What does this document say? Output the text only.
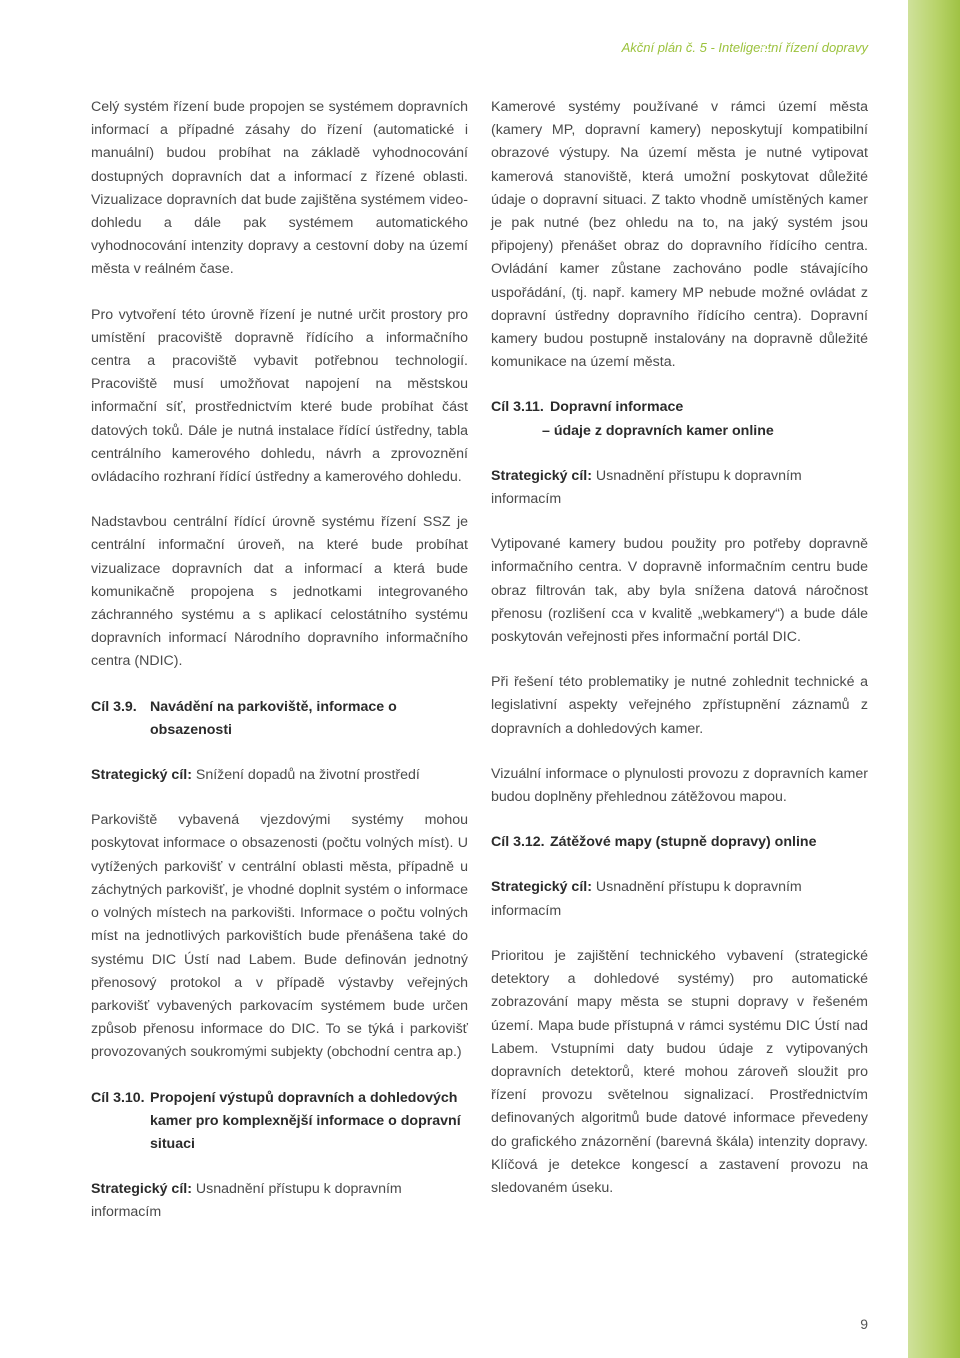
Akční plán č. 5 - Inteligentní řízení dopravy
3 Využití technologií pro řízení a organizaci dopravy

Celý systém řízení bude propojen se systémem dopravních informací a případné zásahy do řízení (automatické i manuální) budou probíhat na základě vyhodnocování dostupných dopravních dat a informací z řízené oblasti. Vizualizace dopravních dat bude zajištěna systémem video-dohledu a dále pak systémem automatického vyhodnocování intenzity dopravy a cestovní doby na území města v reálném čase.

Pro vytvoření této úrovně řízení je nutné určit prostory pro umístění pracoviště dopravně řídícího a informačního centra a pracoviště vybavit potřebnou technologií. Pracoviště musí umožňovat napojení na městskou informační síť, prostřednictvím které bude probíhat část datových toků. Dále je nutná instalace řídící ústředny, tabla centrálního kamerového dohledu, návrh a zprovoznění ovládacího rozhraní řídící ústředny a kamerového dohledu.

Nadstavbou centrální řídící úrovně systému řízení SSZ je centrální informační úroveň, na které bude probíhat vizualizace dopravních dat a informací a která bude komunikačně propojena s jednotkami integrovaného záchranného systému a s aplikací celostátního systému dopravních informací Národního dopravního informačního centra (NDIC).

Cíl 3.9. Navádění na parkoviště, informace o obsazenosti
Strategický cíl: Snížení dopadů na životní prostředí

Parkoviště vybavená vjezdovými systémy mohou poskytovat informace o obsazenosti (počtu volných míst). U vytížených parkovišť v centrální oblasti města, případně u záchytných parkovišť, je vhodné doplnit systém o informace o volných místech na parkovišti. Informace o počtu volných míst na jednotlivých parkovištích bude přenášena také do systému DIC Ústí nad Labem. Bude definován jednotný přenosový protokol a v případě výstavby veřejných parkovišť vybavených parkovacím systémem bude určen způsob přenosu informace do DIC. To se týká i parkovišť provozovaných soukromými subjekty (obchodní centra ap.)

Cíl 3.10. Propojení výstupů dopravních a dohledových kamer pro komplexnější informace o dopravní situaci
Strategický cíl: Usnadnění přístupu k dopravním informacím

Kamerové systémy používané v rámci území města (kamery MP, dopravní kamery) neposkytují kompatibilní obrazové výstupy. Na území města je nutné vytipovat kamerová stanoviště, která umožní poskytovat důležité údaje o dopravní situaci. Z takto vhodně umístěných kamer je pak nutné (bez ohledu na to, na jaký systém jsou připojeny) přenášet obraz do dopravního řídícího centra. Ovládání kamer zůstane zachováno podle stávajícího uspořádání, (tj. např. kamery MP nebude možné ovládat z dopravní ústředny dopravního řídícího centra). Dopravní kamery budou postupně instalovány na dopravně důležité komunikace na území města.

Cíl 3.11. Dopravní informace
– údaje z dopravních kamer online
Strategický cíl: Usnadnění přístupu k dopravním informacím

Vytipované kamery budou použity pro potřeby dopravně informačního centra. V dopravně informačním centru bude obraz filtrován tak, aby byla snížena datová náročnost přenosu (rozlišení cca v kvalitě „webkamery“) a bude dále poskytován veřejnosti přes informační portál DIC.

Při řešení této problematiky je nutné zohlednit technické a legislativní aspekty veřejného zpřístupnění záznamů z dopravních a dohledových kamer.

Vizuální informace o plynulosti provozu z dopravních kamer budou doplněny přehlednou zátěžovou mapou.

Cíl 3.12. Zátěžové mapy (stupně dopravy) online
Strategický cíl: Usnadnění přístupu k dopravním informacím

Prioritou je zajištění technického vybavení (strategické detektory a dohledové systémy) pro automatické zobrazování mapy města se stupni dopravy v řešeném území. Mapa bude přístupná v rámci systému DIC Ústí nad Labem. Vstupními daty budou údaje z vytipovaných dopravních detektorů, které mohou zároveň sloužit pro řízení provozu světelnou signalizací. Prostřednictvím definovaných algoritmů bude datové informace převedeny do grafického znázornění (barevná škála) intenzity dopravy. Klíčová je detekce kongescí a zastavení provozu na sledovaném úseku.

9
